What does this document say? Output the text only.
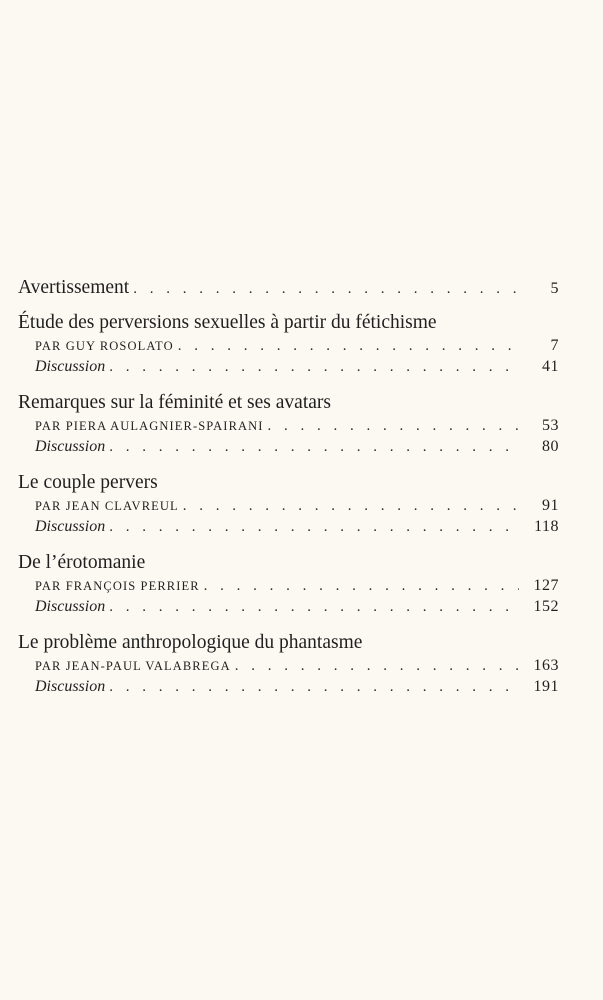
Avertissement . . .	5
Étude des perversions sexuelles à partir du fétichisme
PAR GUY ROSOLATO . . .	7
Discussion . . .	41
Remarques sur la féminité et ses avatars
PAR PIERA AULAGNIER-SPAIRANI . . .	53
Discussion . . .	80
Le couple pervers
PAR JEAN CLAVREUL . . .	91
Discussion . . .	118
De l’érotomanie
PAR FRANÇOIS PERRIER . . .	127
Discussion . . .	152
Le problème anthropologique du phantasme
PAR JEAN-PAUL VALABREGA . . .	163
Discussion . . .	191
